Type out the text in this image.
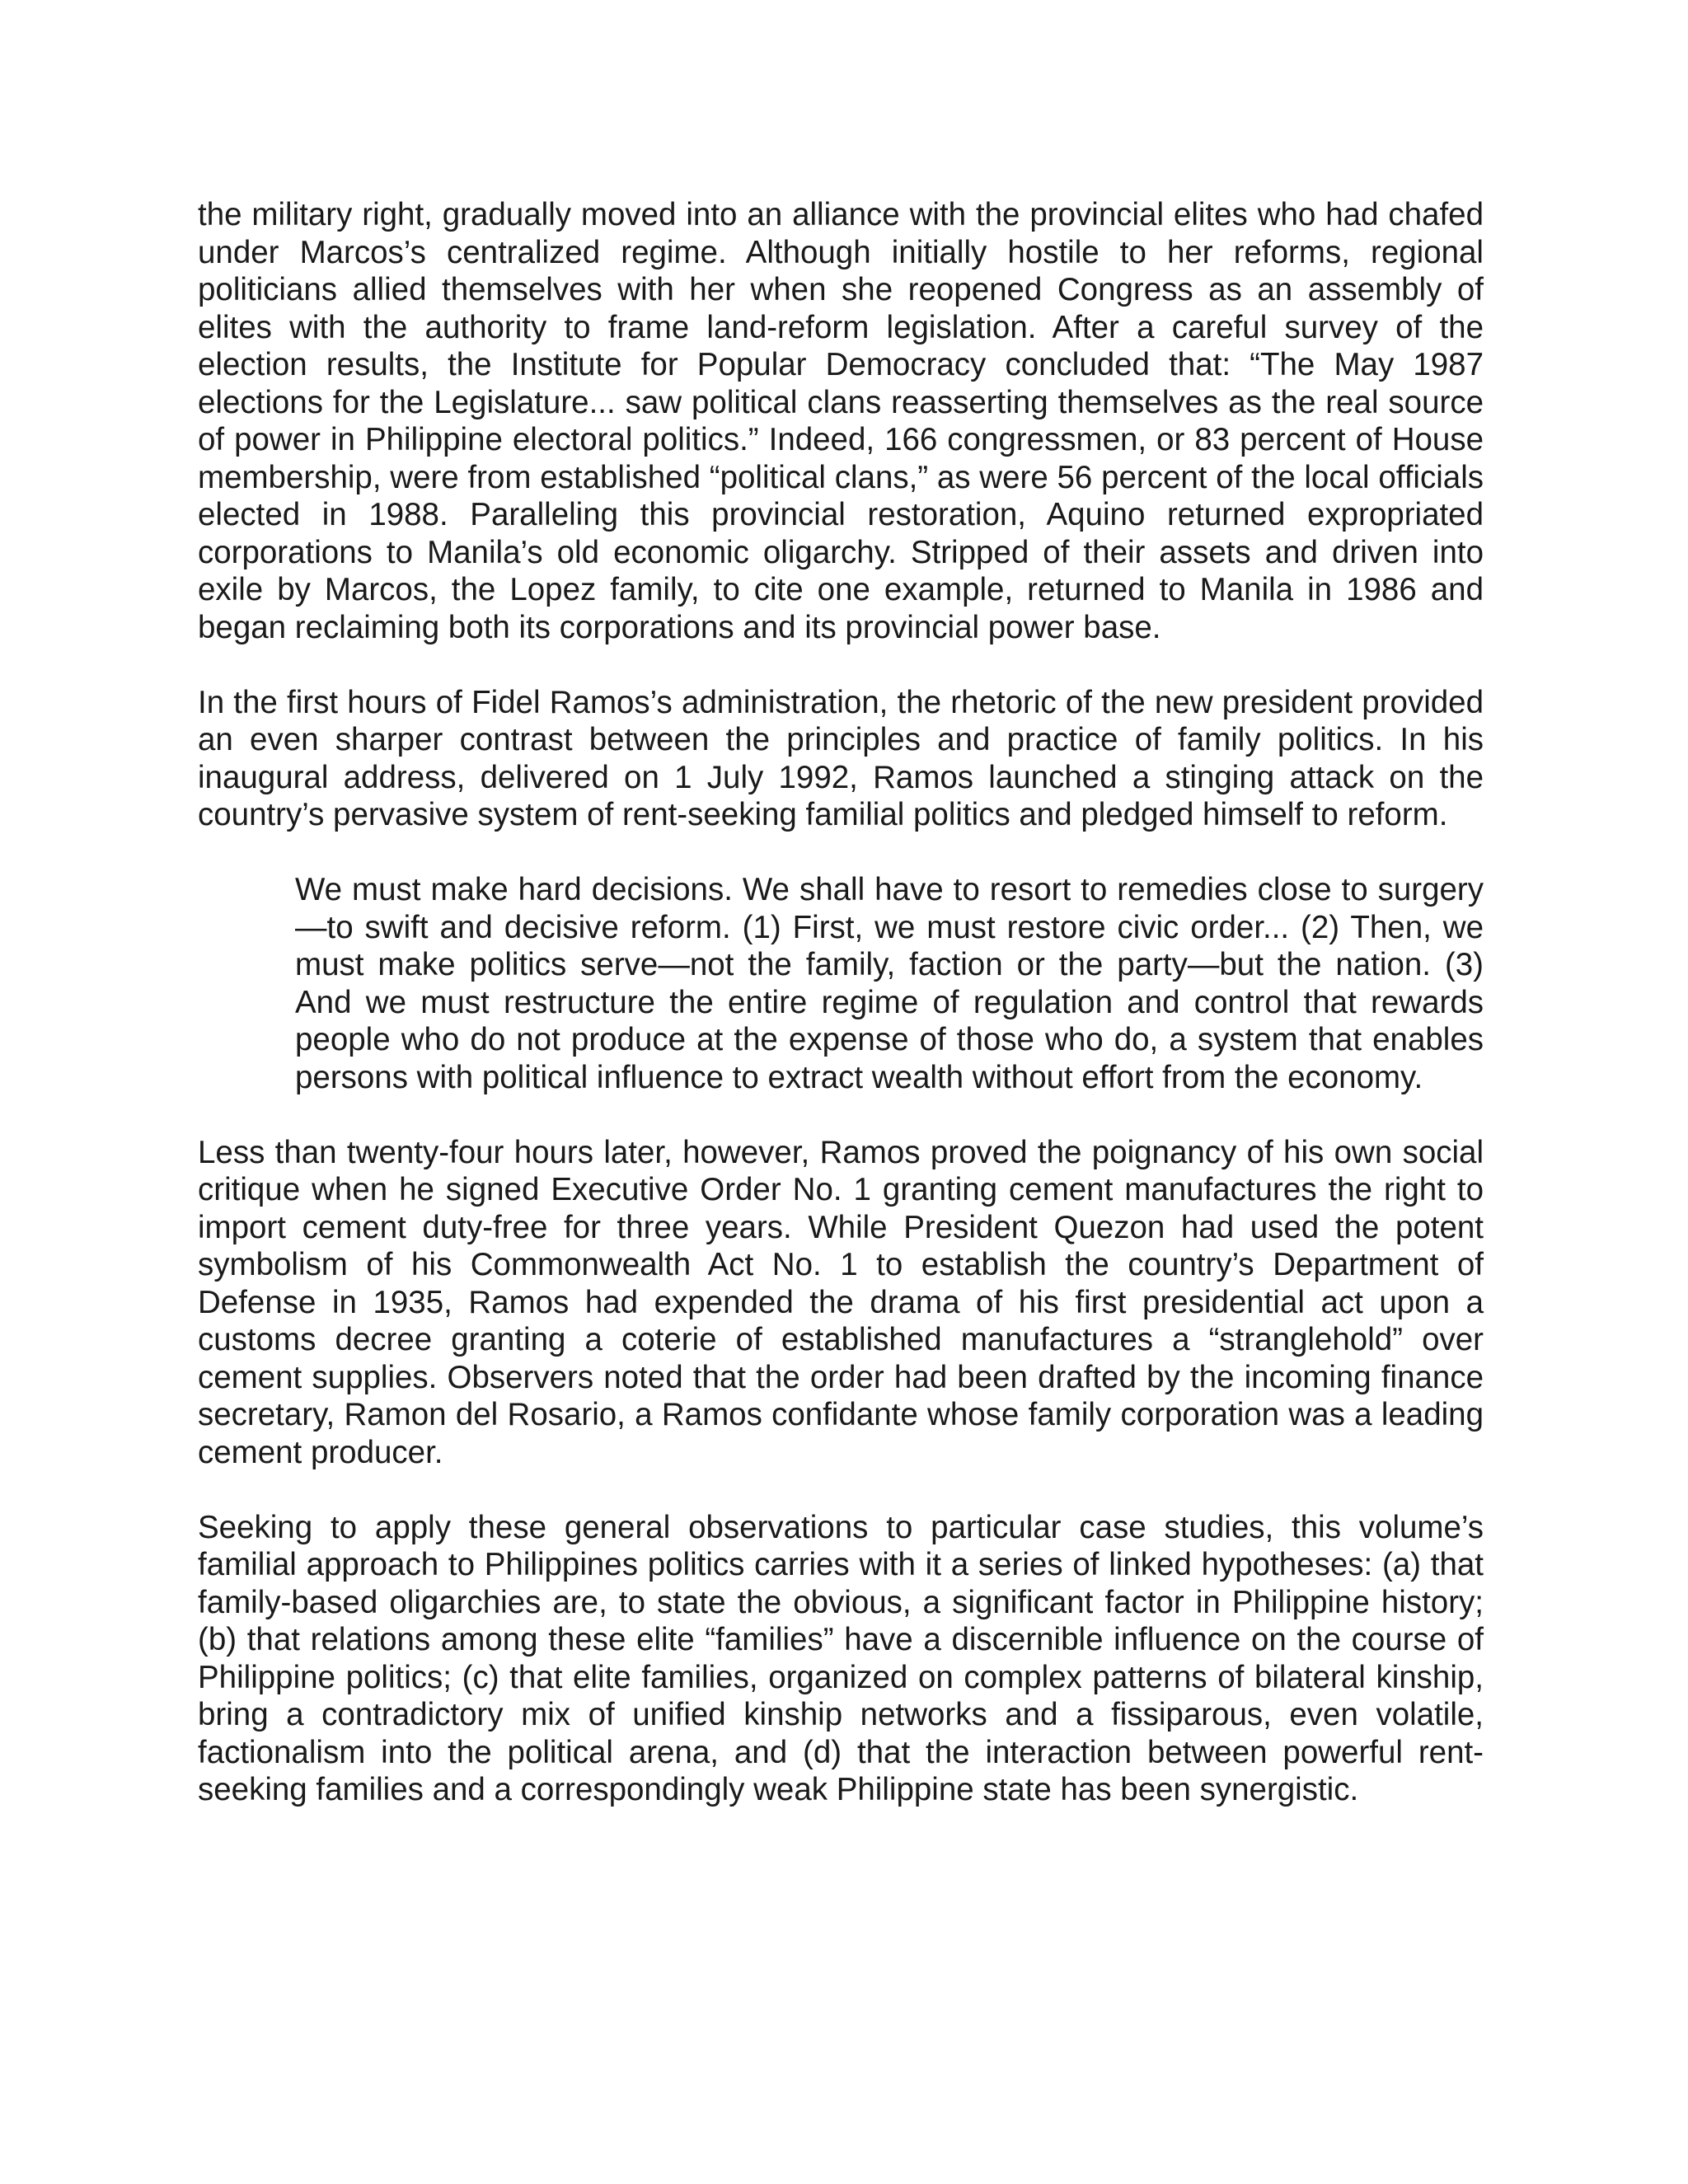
the military right, gradually moved into an alliance with the provincial elites who had chafed under Marcos’s centralized regime. Although initially hostile to her reforms, regional politicians allied themselves with her when she reopened Congress as an assembly of elites with the authority to frame land-reform legislation. After a careful survey of the election results, the Institute for Popular Democracy concluded that: “The May 1987 elections for the Legislature... saw political clans reasserting themselves as the real source of power in Philippine electoral politics.” Indeed, 166 congressmen, or 83 percent of House membership, were from established “political clans,” as were 56 percent of the local officials elected in 1988. Paralleling this provincial restoration, Aquino returned expropriated corporations to Manila’s old economic oligarchy. Stripped of their assets and driven into exile by Marcos, the Lopez family, to cite one example, returned to Manila in 1986 and began reclaiming both its corporations and its provincial power base.

In the first hours of Fidel Ramos’s administration, the rhetoric of the new president provided an even sharper contrast between the principles and practice of family politics. In his inaugural address, delivered on 1 July 1992, Ramos launched a stinging attack on the country’s pervasive system of rent-seeking familial politics and pledged himself to reform.

We must make hard decisions. We shall have to resort to remedies close to surgery—to swift and decisive reform. (1) First, we must restore civic order... (2) Then, we must make politics serve—not the family, faction or the party—but the nation. (3) And we must restructure the entire regime of regulation and control that rewards people who do not produce at the expense of those who do, a system that enables persons with political influence to extract wealth without effort from the economy.

Less than twenty-four hours later, however, Ramos proved the poignancy of his own social critique when he signed Executive Order No. 1 granting cement manufactures the right to import cement duty-free for three years. While President Quezon had used the potent symbolism of his Commonwealth Act No. 1 to establish the country’s Department of Defense in 1935, Ramos had expended the drama of his first presidential act upon a customs decree granting a coterie of established manufactures a “stranglehold” over cement supplies. Observers noted that the order had been drafted by the incoming finance secretary, Ramon del Rosario, a Ramos confidante whose family corporation was a leading cement producer.

Seeking to apply these general observations to particular case studies, this volume’s familial approach to Philippines politics carries with it a series of linked hypotheses: (a) that family-based oligarchies are, to state the obvious, a significant factor in Philippine history; (b) that relations among these elite “families” have a discernible influence on the course of Philippine politics; (c) that elite families, organized on complex patterns of bilateral kinship, bring a contradictory mix of unified kinship networks and a fissiparous, even volatile, factionalism into the political arena, and (d) that the interaction between powerful rent-seeking families and a correspondingly weak Philippine state has been synergistic.
